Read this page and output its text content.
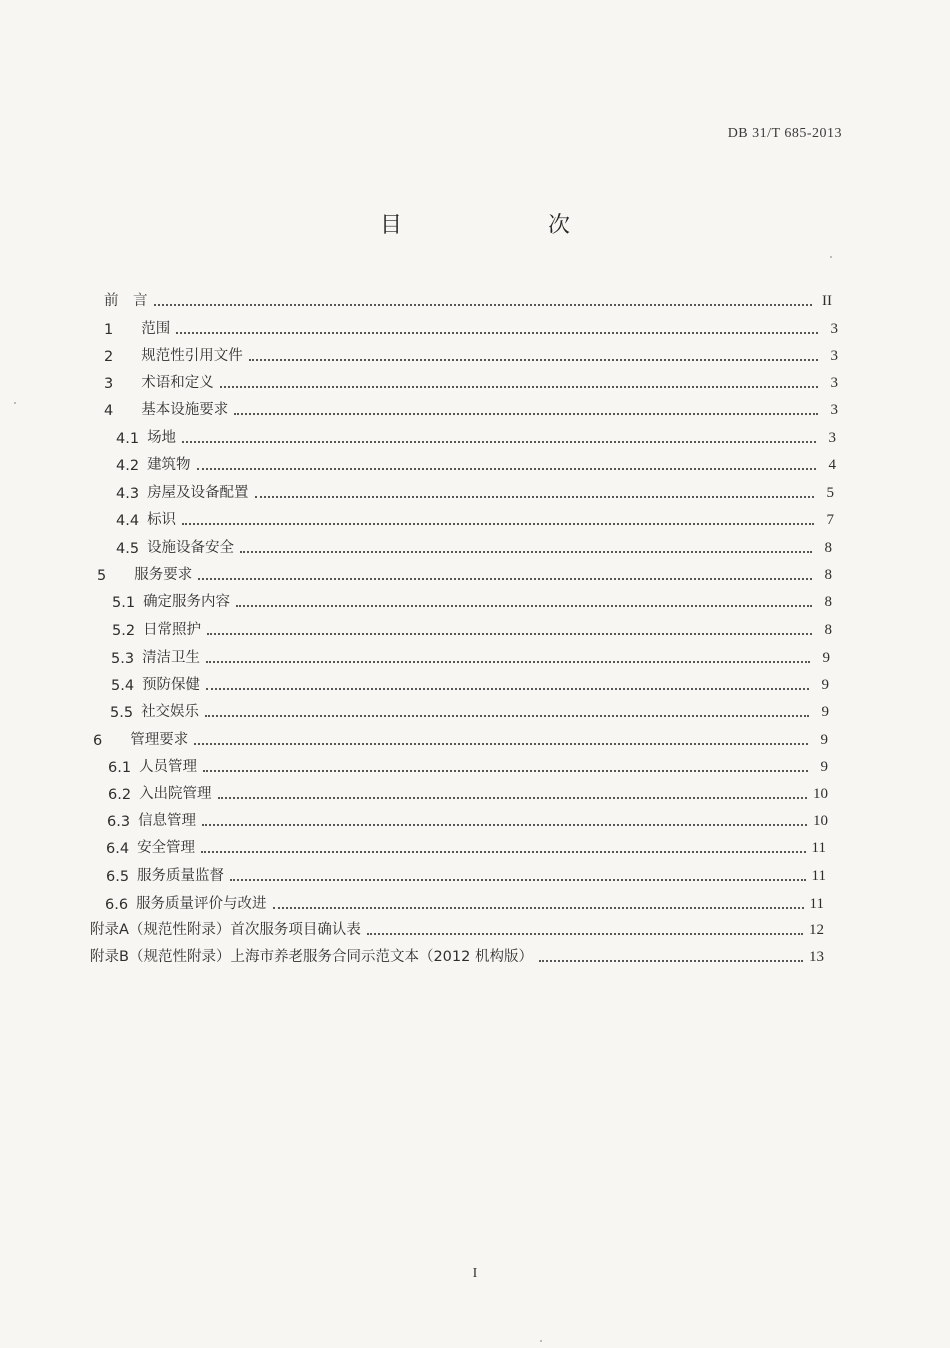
DB 31/T 685-2013
目　次
前　言	II
1 范围	3
2 规范性引用文件	3
3 术语和定义	3
4 基本设施要求	3
4.1 场地	3
4.2 建筑物	4
4.3 房屋及设备配置	5
4.4 标识	7
4.5 设施设备安全	8
5 服务要求	8
5.1 确定服务内容	8
5.2 日常照护	8
5.3 清洁卫生	9
5.4 预防保健	9
5.5 社交娱乐	9
6 管理要求	9
6.1 人员管理	9
6.2 入出院管理	10
6.3 信息管理	10
6.4 安全管理	11
6.5 服务质量监督	11
6.6 服务质量评价与改进	11
附录A（规范性附录）首次服务项目确认表	12
附录B（规范性附录）上海市养老服务合同示范文本（2012 机构版）	13
I
